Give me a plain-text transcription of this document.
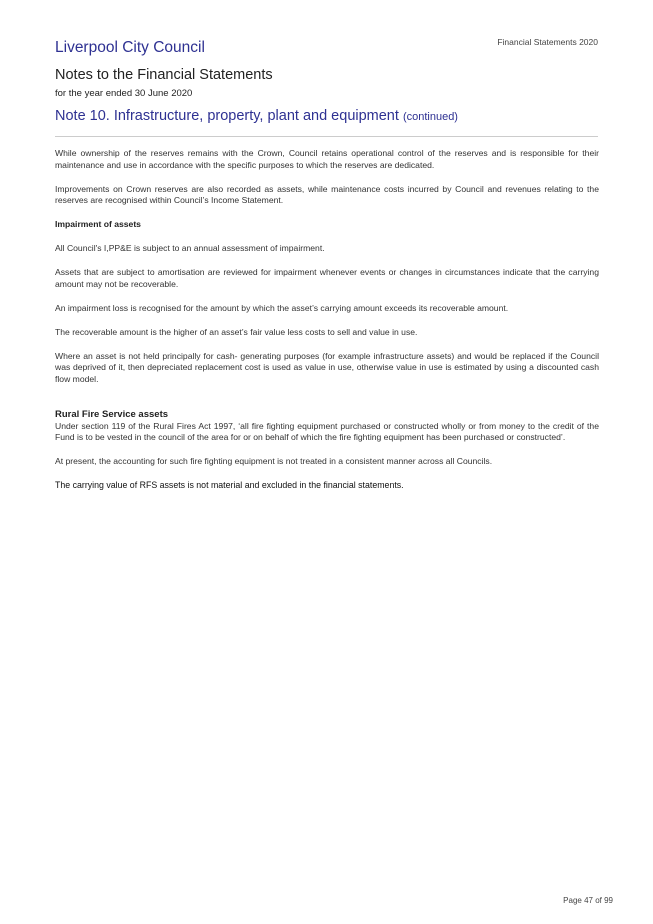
Financial Statements 2020
Liverpool City Council
Notes to the Financial Statements
for the year ended 30 June 2020
Note 10. Infrastructure, property, plant and equipment (continued)

While ownership of the reserves remains with the Crown, Council retains operational control of the reserves and is responsible for their maintenance and use in accordance with the specific purposes to which the reserves are dedicated.

Improvements on Crown reserves are also recorded as assets, while maintenance costs incurred by Council and revenues relating to the reserves are recognised within Council’s Income Statement.

Impairment of assets

All Council's I,PP&E is subject to an annual assessment of impairment.

Assets that are subject to amortisation are reviewed for impairment whenever events or changes in circumstances indicate that the carrying amount may not be recoverable.

An impairment loss is recognised for the amount by which the asset’s carrying amount exceeds its recoverable amount.

The recoverable amount is the higher of an asset’s fair value less costs to sell and value in use.

Where an asset is not held principally for cash- generating purposes (for example infrastructure assets) and would be replaced if the Council was deprived of it, then depreciated replacement cost is used as value in use, otherwise value in use is estimated by using a discounted cash flow model.

Rural Fire Service assets

Under section 119 of the Rural Fires Act 1997, ‘all fire fighting equipment purchased or constructed wholly or from money to the credit of the Fund is to be vested in the council of the area for or on behalf of which the fire fighting equipment has been purchased or constructed’.

At present, the accounting for such fire fighting equipment is not treated in a consistent manner across all Councils.

The carrying value of RFS assets is not material and excluded in the financial statements.

Page 47 of 99
